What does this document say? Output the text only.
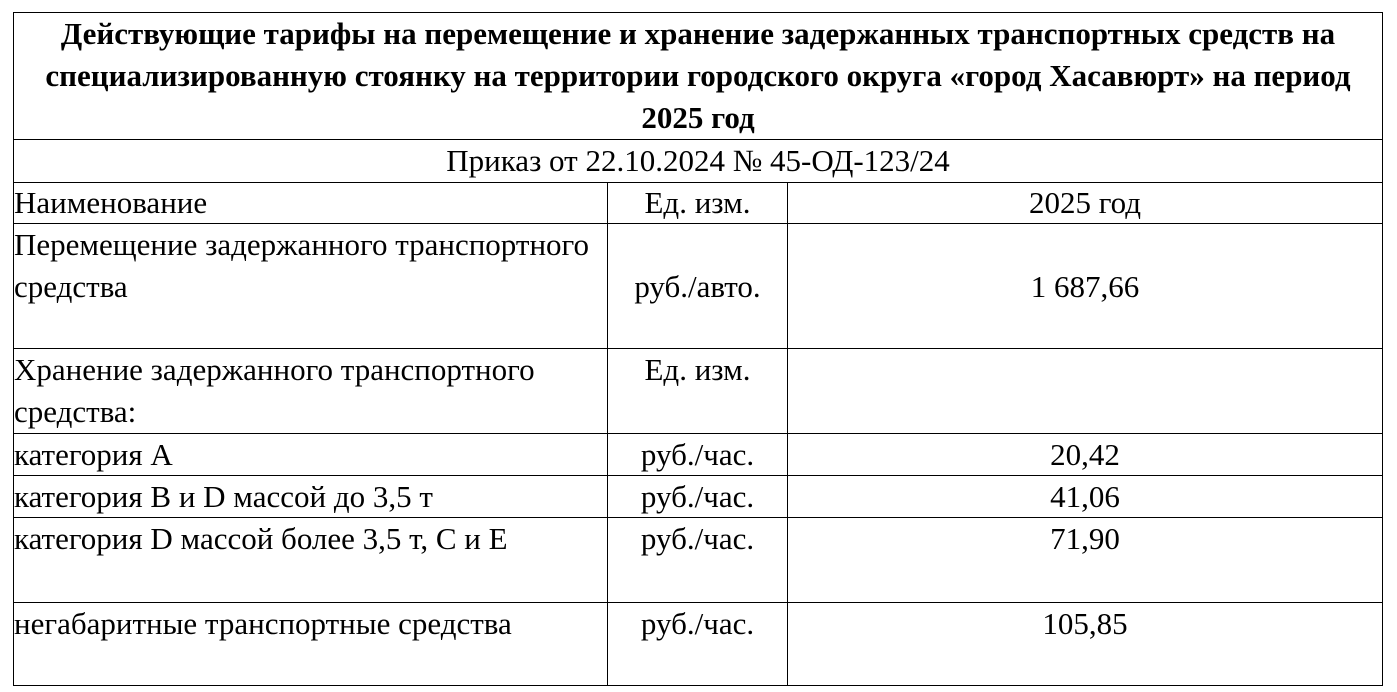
Действующие тарифы на перемещение и хранение задержанных транспортных средств на специализированную стоянку на территории городского округа «город Хасавюрт» на период 2025 год		
Приказ от 22.10.2024 № 45-ОД-123/24		
Наименование	Ед. изм.	2025 год
Перемещение задержанного транспортного средства	руб./авто.	1 687,66
Хранение задержанного транспортного средства:	Ед. изм.	
категория А	руб./час.	20,42
категория В и D массой до 3,5 т	руб./час.	41,06
категория D массой более 3,5 т, С и Е	руб./час.	71,90
негабаритные транспортные средства	руб./час.	105,85
